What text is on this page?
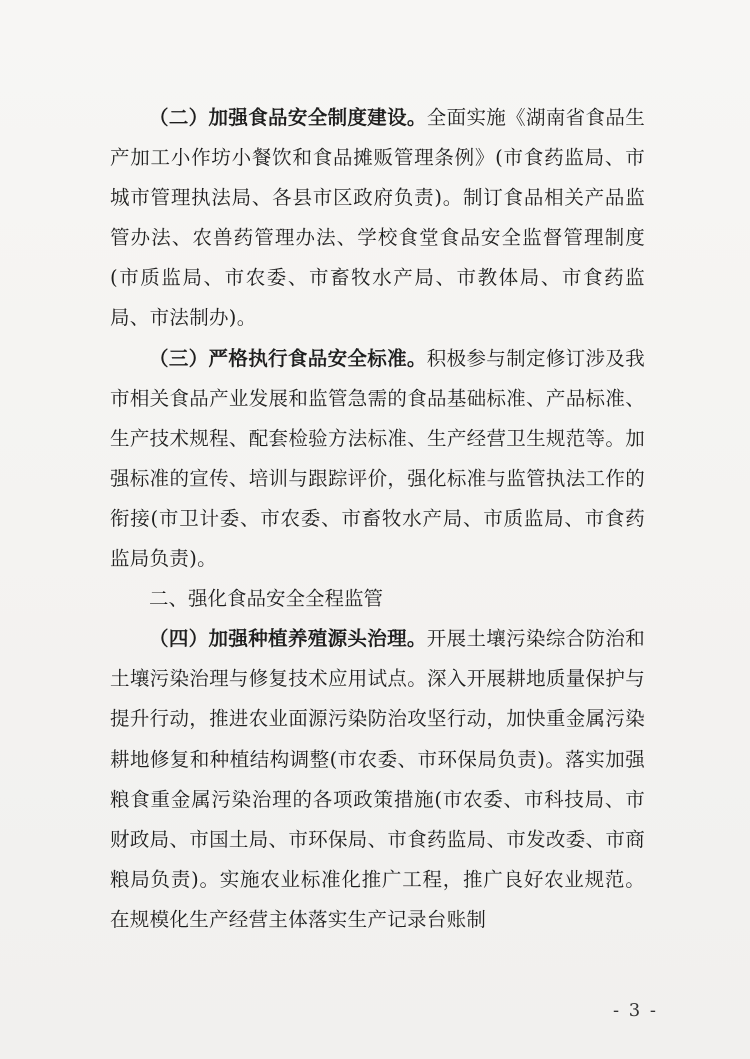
（二）加强食品安全制度建设。全面实施《湖南省食品生产加工小作坊小餐饮和食品摊贩管理条例》(市食药监局、市城市管理执法局、各县市区政府负责)。制订食品相关产品监管办法、农兽药管理办法、学校食堂食品安全监督管理制度(市质监局、市农委、市畜牧水产局、市教体局、市食药监局、市法制办)。

（三）严格执行食品安全标准。积极参与制定修订涉及我市相关食品产业发展和监管急需的食品基础标准、产品标准、生产技术规程、配套检验方法标准、生产经营卫生规范等。加强标准的宣传、培训与跟踪评价，强化标准与监管执法工作的衔接(市卫计委、市农委、市畜牧水产局、市质监局、市食药监局负责)。

二、强化食品安全全程监管

（四）加强种植养殖源头治理。开展土壤污染综合防治和土壤污染治理与修复技术应用试点。深入开展耕地质量保护与提升行动，推进农业面源污染防治攻坚行动，加快重金属污染耕地修复和种植结构调整(市农委、市环保局负责)。落实加强粮食重金属污染治理的各项政策措施(市农委、市科技局、市财政局、市国土局、市环保局、市食药监局、市发改委、市商粮局负责)。实施农业标准化推广工程，推广良好农业规范。在规模化生产经营主体落实生产记录台账制

- 3 -
